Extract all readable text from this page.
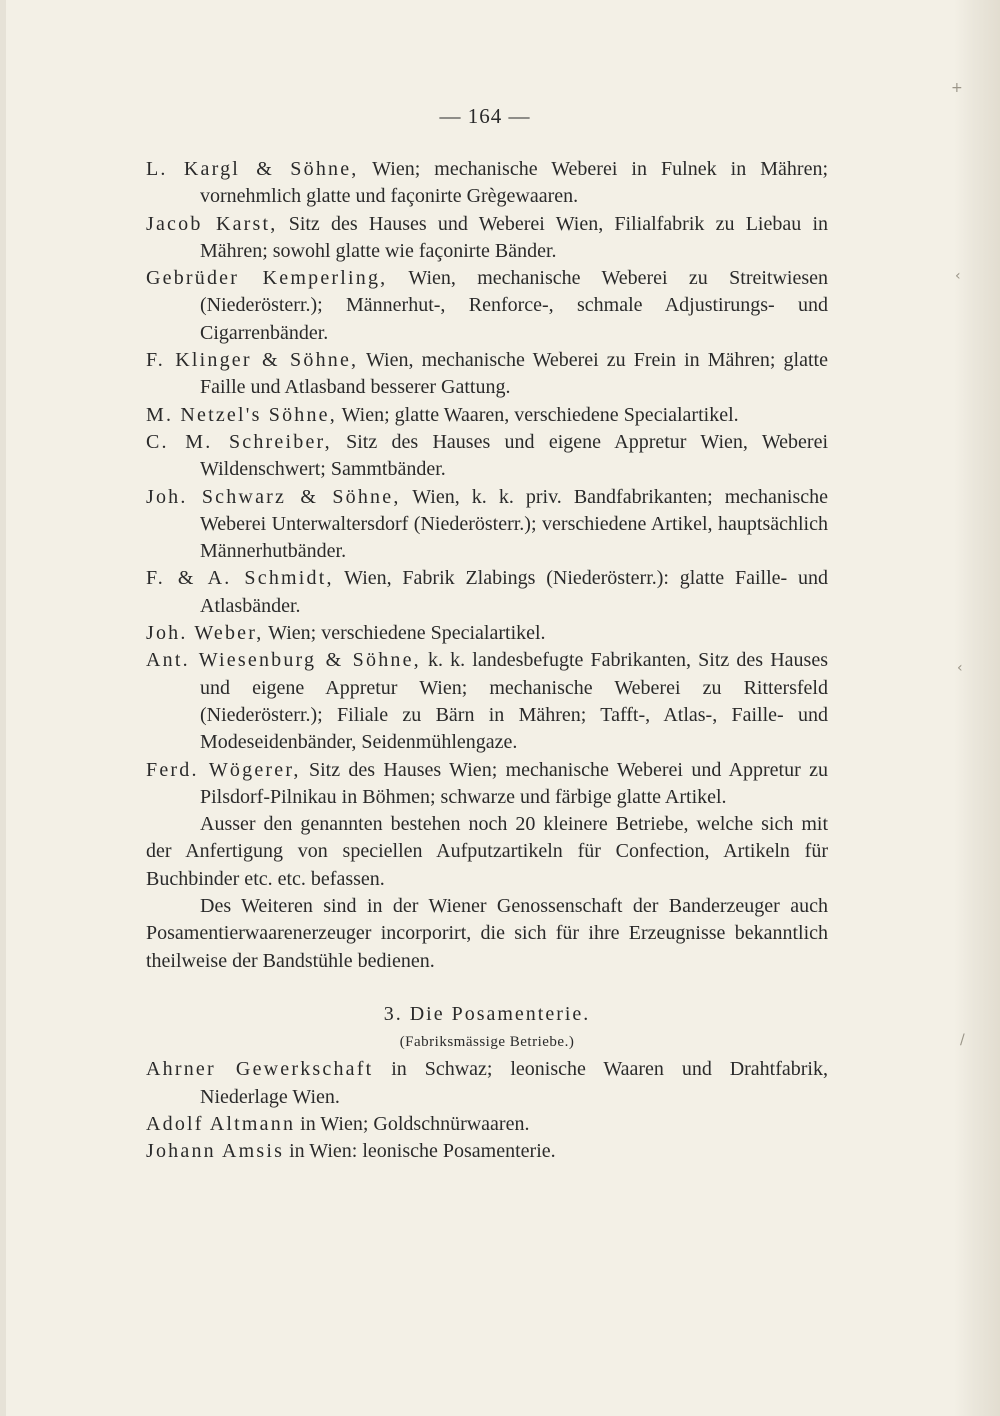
+
‹
‹
/
— 164 —
L. Kargl & Söhne, Wien; mechanische Weberei in Fulnek in Mähren; vornehmlich glatte und façonirte Grègewaaren.
Jacob Karst, Sitz des Hauses und Weberei Wien, Filialfabrik zu Liebau in Mähren; sowohl glatte wie façonirte Bänder.
Gebrüder Kemperling, Wien, mechanische Weberei zu Streitwiesen (Niederösterr.); Männerhut-, Renforce-, schmale Adjustirungs- und Cigarrenbänder.
F. Klinger & Söhne, Wien, mechanische Weberei zu Frein in Mähren; glatte Faille und Atlasband besserer Gattung.
M. Netzel's Söhne, Wien; glatte Waaren, verschiedene Specialartikel.
C. M. Schreiber, Sitz des Hauses und eigene Appretur Wien, Weberei Wildenschwert; Sammtbänder.
Joh. Schwarz & Söhne, Wien, k. k. priv. Bandfabrikanten; mechanische Weberei Unterwaltersdorf (Niederösterr.); verschiedene Artikel, hauptsächlich Männerhutbänder.
F. & A. Schmidt, Wien, Fabrik Zlabings (Niederösterr.): glatte Faille- und Atlasbänder.
Joh. Weber, Wien; verschiedene Specialartikel.
Ant. Wiesenburg & Söhne, k. k. landesbefugte Fabrikanten, Sitz des Hauses und eigene Appretur Wien; mechanische Weberei zu Rittersfeld (Niederösterr.); Filiale zu Bärn in Mähren; Tafft-, Atlas-, Faille- und Modeseidenbänder, Seidenmühlengaze.
Ferd. Wögerer, Sitz des Hauses Wien; mechanische Weberei und Appretur zu Pilsdorf-Pilnikau in Böhmen; schwarze und färbige glatte Artikel.

Ausser den genannten bestehen noch 20 kleinere Betriebe, welche sich mit der Anfertigung von speciellen Aufputzartikeln für Confection, Artikeln für Buchbinder etc. etc. befassen.

Des Weiteren sind in der Wiener Genossenschaft der Banderzeuger auch Posamentierwaarenerzeuger incorporirt, die sich für ihre Erzeugnisse bekanntlich theilweise der Bandstühle bedienen.

3. Die Posamenterie.
(Fabriksmässige Betriebe.)
Ahrner Gewerkschaft in Schwaz; leonische Waaren und Drahtfabrik, Niederlage Wien.
Adolf Altmann in Wien; Goldschnürwaaren.
Johann Amsis in Wien: leonische Posamenterie.
